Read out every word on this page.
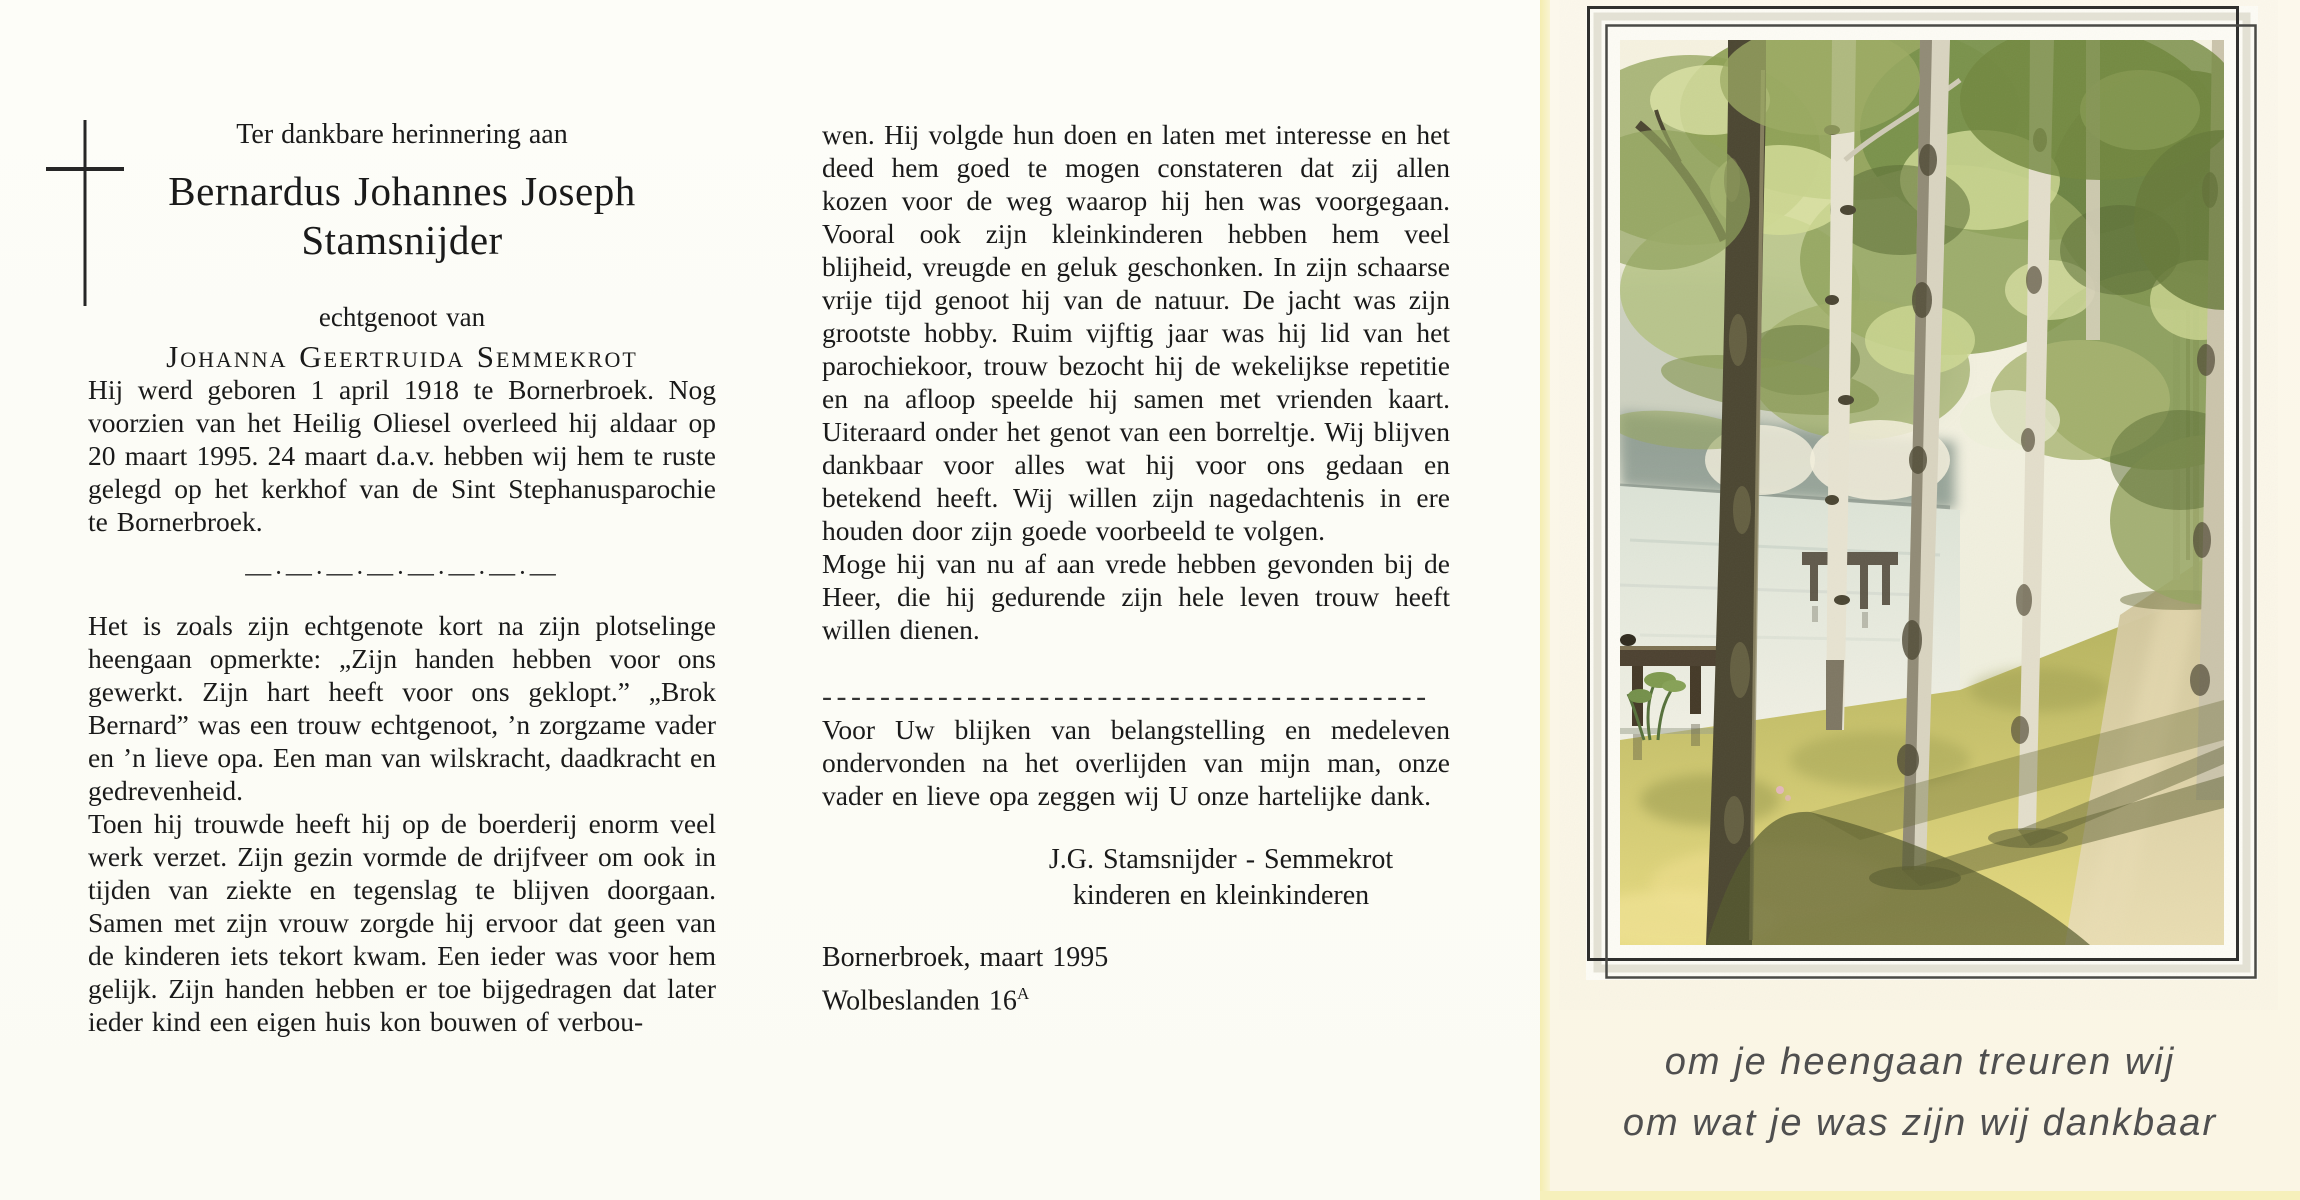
Ter dankbare herinnering aan
Bernardus Johannes Joseph
Stamsnijder
echtgenoot van
Johanna Geertruida Semmekrot

Hij werd geboren 1 april 1918 te Bornerbroek. Nog voorzien van het Heilig Oliesel overleed hij aldaar op 20 maart 1995. 24 maart d.a.v. hebben wij hem te ruste gelegd op het kerkhof van de Sint Stephanusparochie te Bornerbroek.

—·—·—·—·—·—·—·—

Het is zoals zijn echtgenote kort na zijn plotselinge heengaan opmerkte: „Zijn handen hebben voor ons gewerkt. Zijn hart heeft voor ons geklopt.” „Brok Bernard” was een trouw echtgenoot, ’n zorgzame vader en ’n lieve opa. Een man van wilskracht, daadkracht en gedrevenheid.

Toen hij trouwde heeft hij op de boerderij enorm veel werk verzet. Zijn gezin vormde de drijfveer om ook in tijden van ziekte en tegenslag te blijven doorgaan. Samen met zijn vrouw zorgde hij ervoor dat geen van de kinderen iets tekort kwam. Een ieder was voor hem gelijk. Zijn handen hebben er toe bijgedragen dat later ieder kind een eigen huis kon bouwen of verbou-

wen. Hij volgde hun doen en laten met interesse en het deed hem goed te mogen constateren dat zij allen kozen voor de weg waarop hij hen was voorgegaan. Vooral ook zijn kleinkinderen hebben hem veel blijheid, vreugde en geluk geschonken. In zijn schaarse vrije tijd genoot hij van de natuur. De jacht was zijn grootste hobby. Ruim vijftig jaar was hij lid van het parochiekoor, trouw bezocht hij de wekelijkse repetitie en na afloop speelde hij samen met vrienden kaart. Uiteraard onder het genot van een borreltje. Wij blijven dankbaar voor alles wat hij voor ons gedaan en betekend heeft. Wij willen zijn nagedachtenis in ere houden door zijn goede voorbeeld te volgen.

Moge hij van nu af aan vrede hebben gevonden bij de Heer, die hij gedurende zijn hele leven trouw heeft willen dienen.

------------------------------------------

Voor Uw blijken van belangstelling en medeleven ondervonden na het overlijden van mijn man, onze vader en lieve opa zeggen wij U onze hartelijke dank.

J.G. Stamsnijder - Semmekrot
kinderen en kleinkinderen
Bornerbroek, maart 1995
Wolbeslanden $16^A$
om je heengaan treuren wij
om wat je was zijn wij dankbaar
